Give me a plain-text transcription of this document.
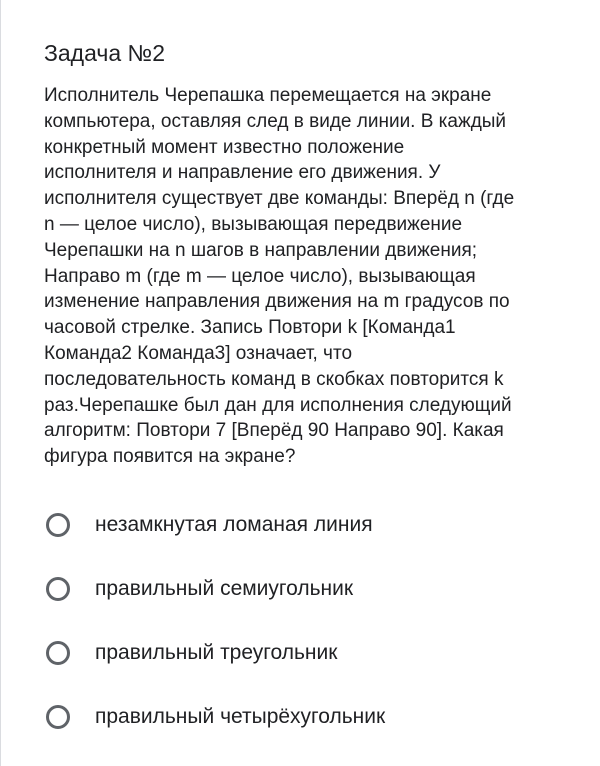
Задача №2
Исполнитель Черепашка перемещается на экране
компьютера, оставляя след в виде линии. В каждый
конкретный момент известно положение
исполнителя и направление его движения. У
исполнителя существует две команды: Вперёд n (где
n — целое число), вызывающая передвижение
Черепашки на n шагов в направлении движения;
Направо m (где m — целое число), вызывающая
изменение направления движения на m градусов по
часовой стрелке. Запись Повтори k [Команда1
Команда2 Команда3] означает, что
последовательность команд в скобках повторится k
раз.Черепашке был дан для исполнения следующий
алгоритм: Повтори 7 [Вперёд 90 Направо 90]. Какая
фигура появится на экране?
незамкнутая ломаная линия
правильный семиугольник
правильный треугольник
правильный четырёхугольник
